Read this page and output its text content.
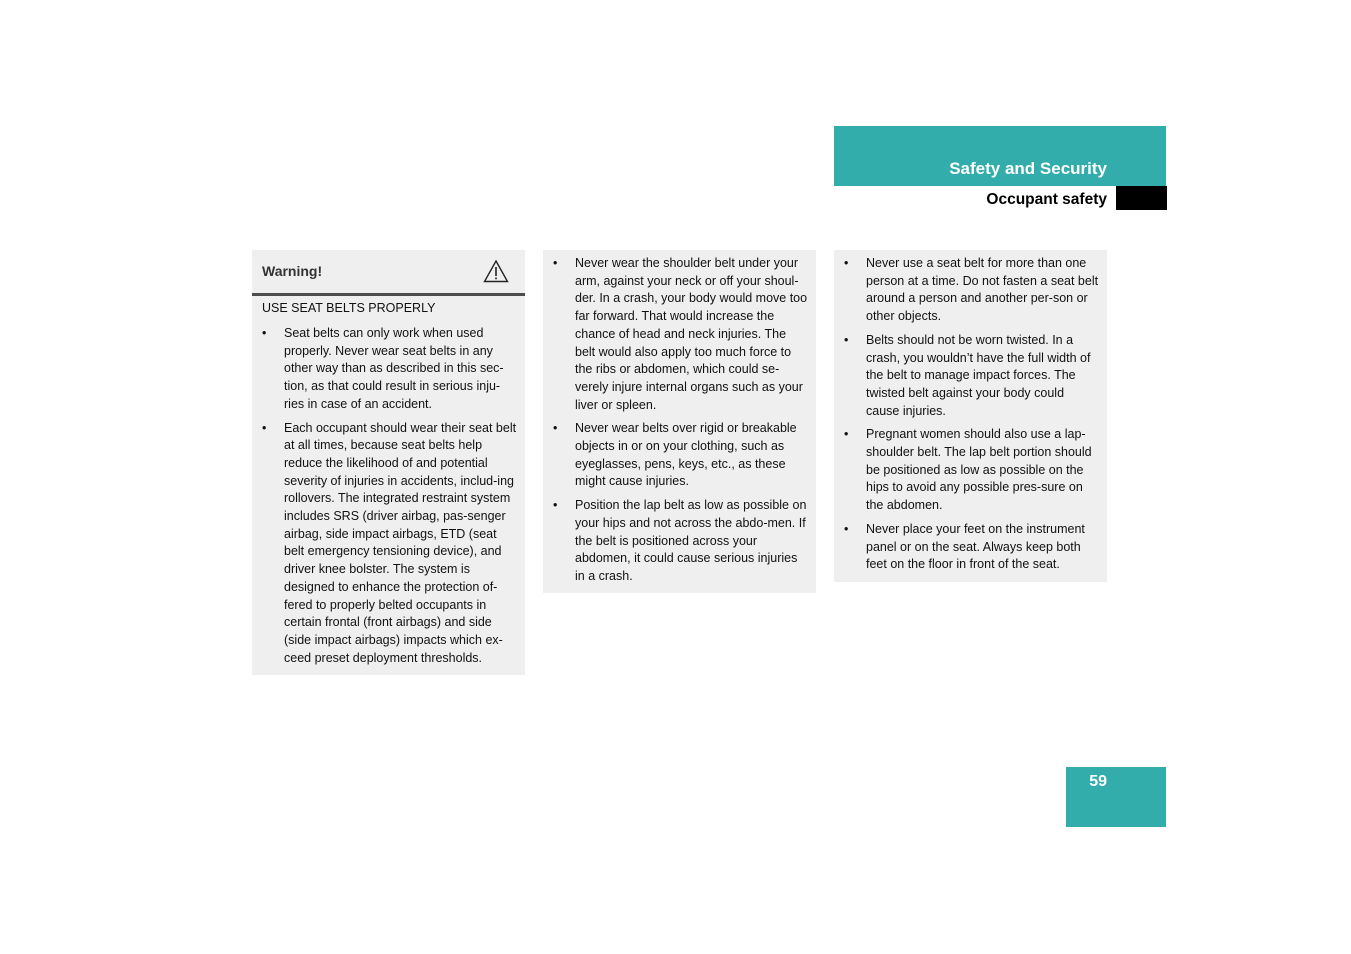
Safety and Security
Occupant safety
Warning!
USE SEAT BELTS PROPERLY
• Seat belts can only work when used properly. Never wear seat belts in any other way than as described in this sec-tion, as that could result in serious inju-ries in case of an accident.
• Each occupant should wear their seat belt at all times, because seat belts help reduce the likelihood of and potential severity of injuries in accidents, includ-ing rollovers. The integrated restraint system includes SRS (driver airbag, pas-senger airbag, side impact airbags, ETD (seat belt emergency tensioning device), and driver knee bolster. The system is designed to enhance the protection of-fered to properly belted occupants in certain frontal (front airbags) and side (side impact airbags) impacts which ex-ceed preset deployment thresholds.
• Never wear the shoulder belt under your arm, against your neck or off your shoul-der. In a crash, your body would move too far forward. That would increase the chance of head and neck injuries. The belt would also apply too much force to the ribs or abdomen, which could se-verely injure internal organs such as your liver or spleen.
• Never wear belts over rigid or breakable objects in or on your clothing, such as eyeglasses, pens, keys, etc., as these might cause injuries.
• Position the lap belt as low as possible on your hips and not across the abdo-men. If the belt is positioned across your abdomen, it could cause serious injuries in a crash.
• Never use a seat belt for more than one person at a time. Do not fasten a seat belt around a person and another per-son or other objects.
• Belts should not be worn twisted. In a crash, you wouldn’t have the full width of the belt to manage impact forces. The twisted belt against your body could cause injuries.
• Pregnant women should also use a lap-shoulder belt. The lap belt portion should be positioned as low as possible on the hips to avoid any possible pres-sure on the abdomen.
• Never place your feet on the instrument panel or on the seat. Always keep both feet on the floor in front of the seat.
59
